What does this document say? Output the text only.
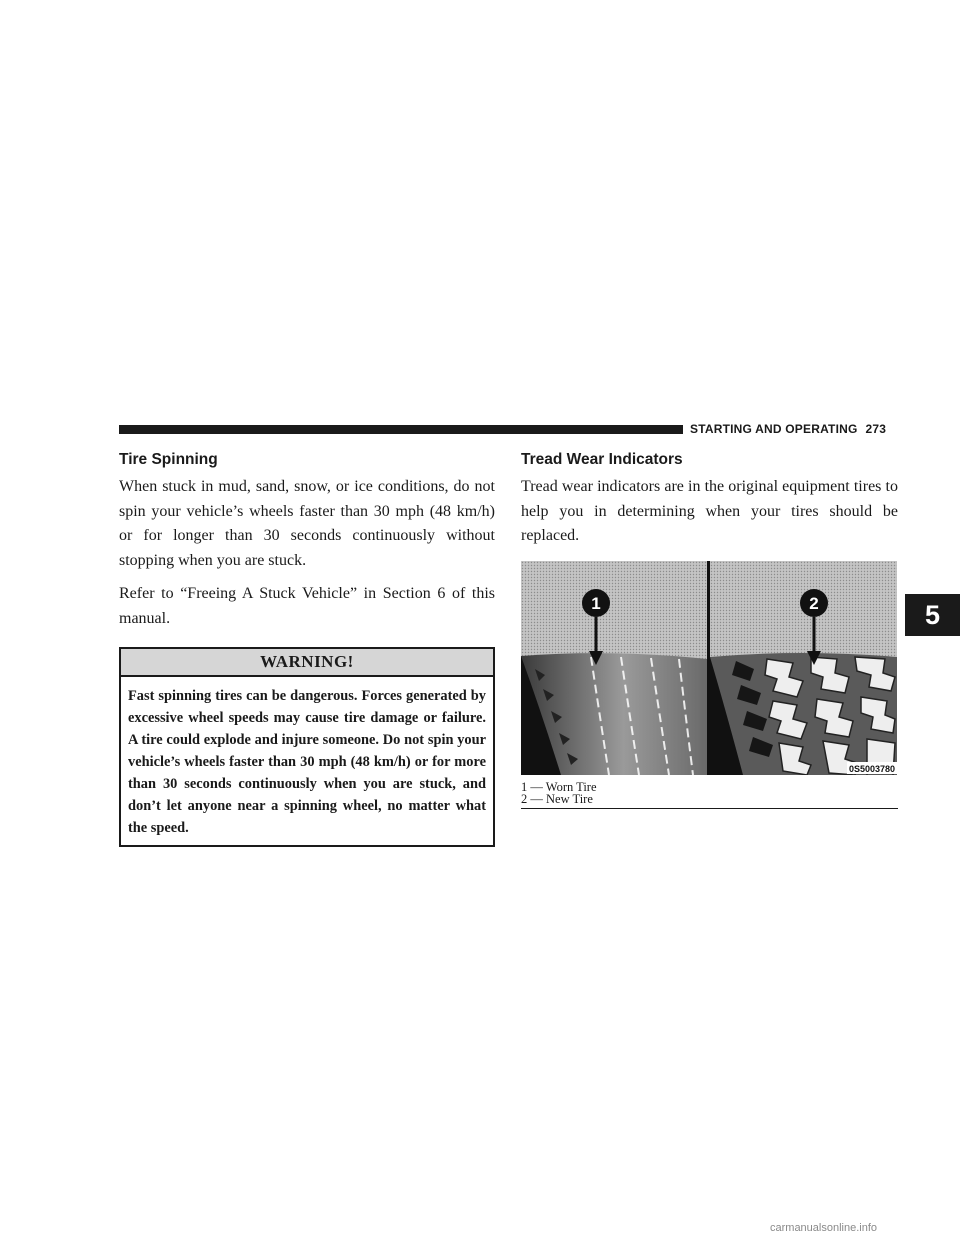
STARTING AND OPERATING 273
Tire Spinning

When stuck in mud, sand, snow, or ice conditions, do not spin your vehicle’s wheels faster than 30 mph (48 km/h) or for longer than 30 seconds continuously without stopping when you are stuck.

Refer to “Freeing A Stuck Vehicle” in Section 6 of this manual.

WARNING!
Fast spinning tires can be dangerous. Forces generated by excessive wheel speeds may cause tire damage or failure. A tire could explode and injure someone. Do not spin your vehicle’s wheels faster than 30 mph (48 km/h) or for more than 30 seconds continuously when you are stuck, and don’t let anyone near a spinning wheel, no matter what the speed.
Tread Wear Indicators

Tread wear indicators are in the original equipment tires to help you in determining when your tires should be replaced.

1	2
0S5003780
1 — Worn Tire
2 — New Tire
5
carmanualsonline.info
